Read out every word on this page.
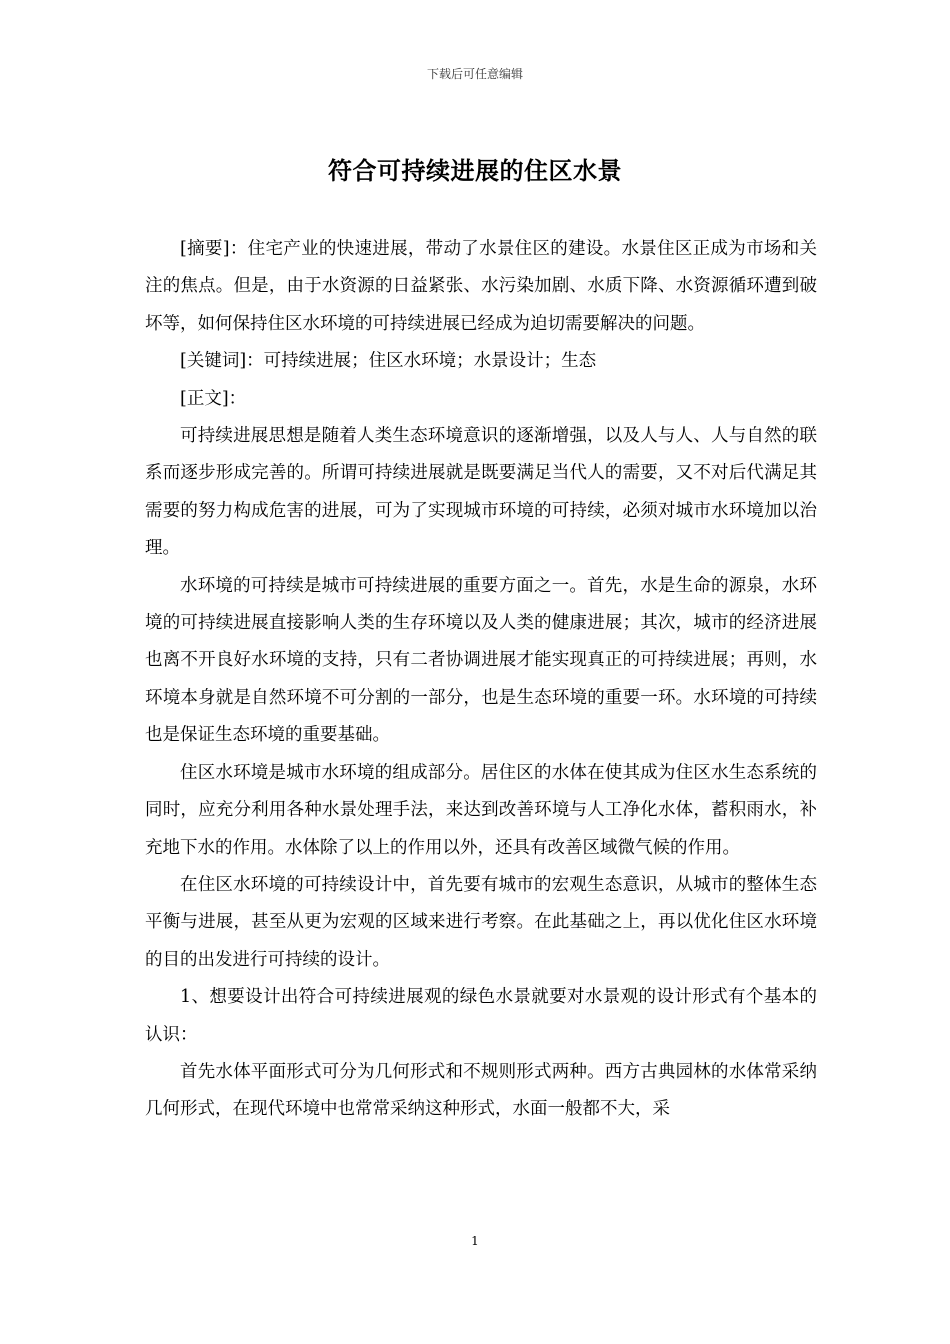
下载后可任意编辑
符合可持续进展的住区水景

[摘要]：住宅产业的快速进展，带动了水景住区的建设。水景住区正成为市场和关注的焦点。但是，由于水资源的日益紧张、水污染加剧、水质下降、水资源循环遭到破坏等，如何保持住区水环境的可持续进展已经成为迫切需要解决的问题。

[关键词]：可持续进展；住区水环境；水景设计；生态

[正文]：

可持续进展思想是随着人类生态环境意识的逐渐增强，以及人与人、人与自然的联系而逐步形成完善的。所谓可持续进展就是既要满足当代人的需要，又不对后代满足其需要的努力构成危害的进展，可为了实现城市环境的可持续，必须对城市水环境加以治理。

水环境的可持续是城市可持续进展的重要方面之一。首先，水是生命的源泉，水环境的可持续进展直接影响人类的生存环境以及人类的健康进展；其次，城市的经济进展也离不开良好水环境的支持，只有二者协调进展才能实现真正的可持续进展；再则，水环境本身就是自然环境不可分割的一部分，也是生态环境的重要一环。水环境的可持续也是保证生态环境的重要基础。

住区水环境是城市水环境的组成部分。居住区的水体在使其成为住区水生态系统的同时，应充分利用各种水景处理手法，来达到改善环境与人工净化水体，蓄积雨水，补充地下水的作用。水体除了以上的作用以外，还具有改善区域微气候的作用。

在住区水环境的可持续设计中，首先要有城市的宏观生态意识，从城市的整体生态平衡与进展，甚至从更为宏观的区域来进行考察。在此基础之上，再以优化住区水环境的目的出发进行可持续的设计。

1、想要设计出符合可持续进展观的绿色水景就要对水景观的设计形式有个基本的认识：

首先水体平面形式可分为几何形式和不规则形式两种。西方古典园林的水体常采纳几何形式，在现代环境中也常常采纳这种形式，水面一般都不大，采

1
